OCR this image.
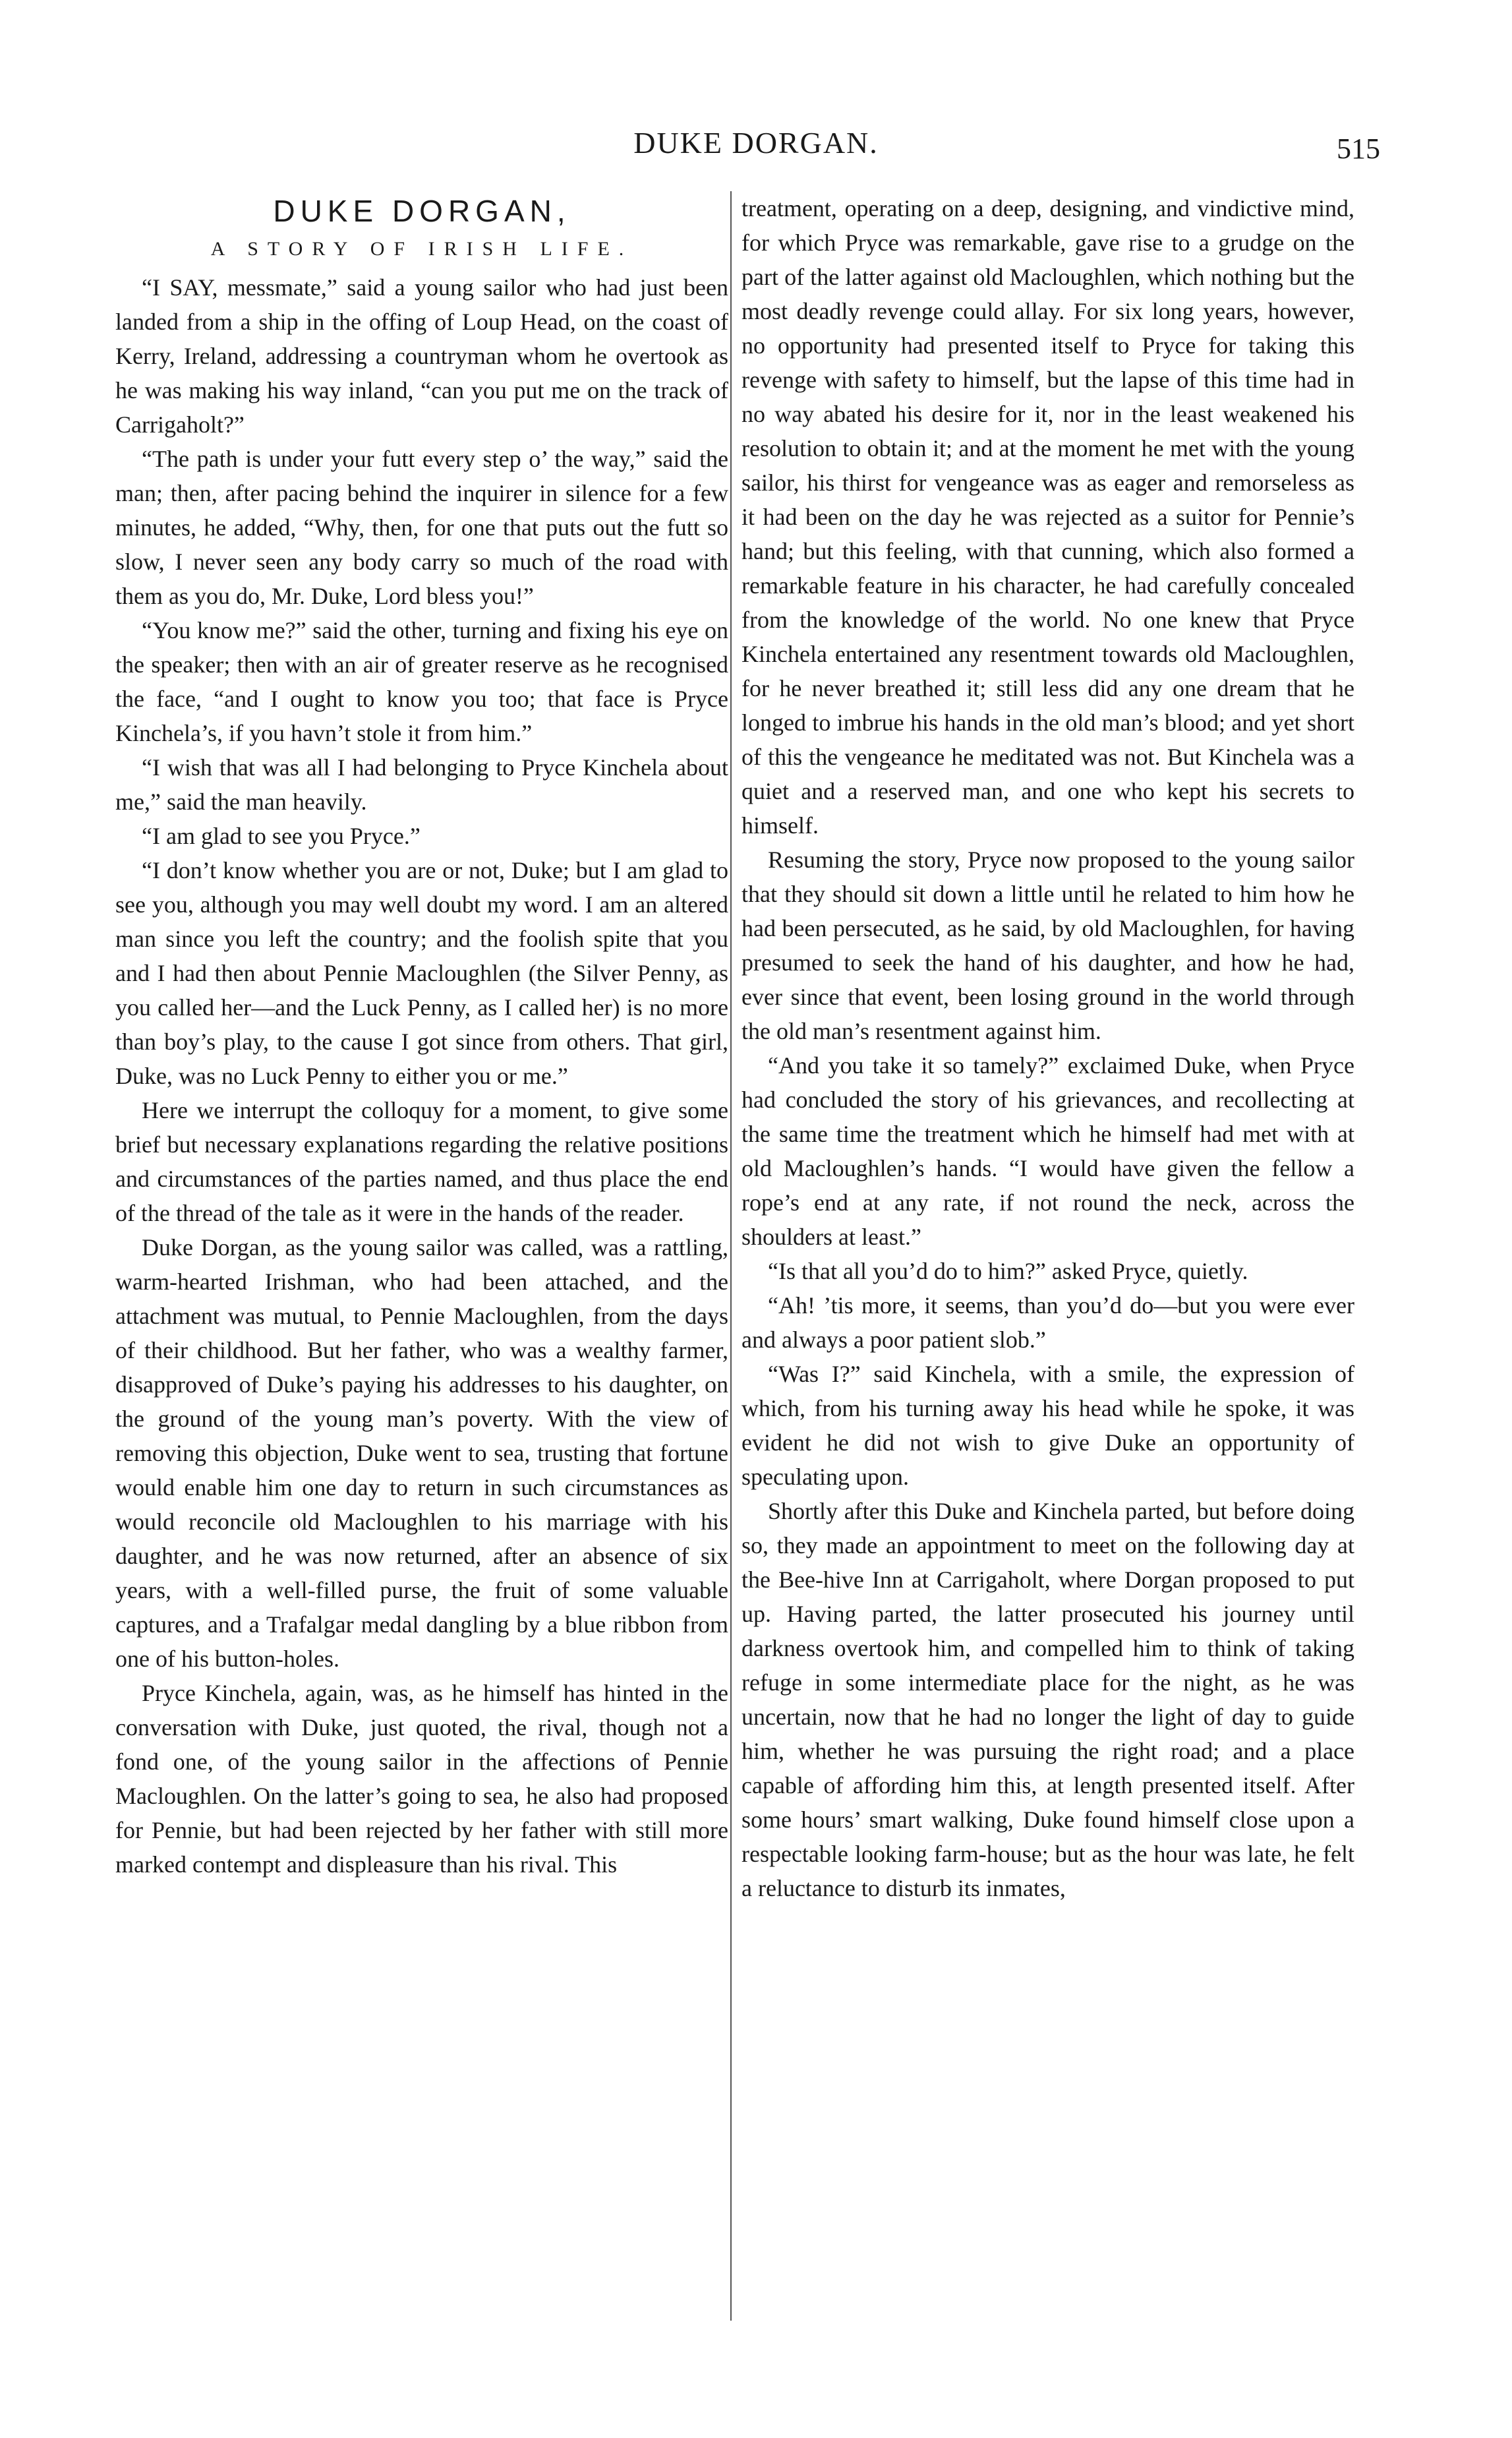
DUKE DORGAN.	515
DUKE DORGAN,
A STORY OF IRISH LIFE.

“I SAY, messmate,” said a young sailor who had just been landed from a ship in the offing of Loup Head, on the coast of Kerry, Ireland, addressing a countryman whom he overtook as he was making his way inland, “can you put me on the track of Carrigaholt?”

“The path is under your futt every step o’ the way,” said the man; then, after pacing behind the inquirer in silence for a few minutes, he added, “Why, then, for one that puts out the futt so slow, I never seen any body carry so much of the road with them as you do, Mr. Duke, Lord bless you!”

“You know me?” said the other, turning and fixing his eye on the speaker; then with an air of greater reserve as he recognised the face, “and I ought to know you too; that face is Pryce Kinchela’s, if you havn’t stole it from him.”

“I wish that was all I had belonging to Pryce Kinchela about me,” said the man heavily.

“I am glad to see you Pryce.”

“I don’t know whether you are or not, Duke; but I am glad to see you, although you may well doubt my word. I am an altered man since you left the country; and the foolish spite that you and I had then about Pennie Macloughlen (the Silver Penny, as you called her—and the Luck Penny, as I called her) is no more than boy’s play, to the cause I got since from others. That girl, Duke, was no Luck Penny to either you or me.”

Here we interrupt the colloquy for a moment, to give some brief but necessary explanations regarding the relative positions and circumstances of the parties named, and thus place the end of the thread of the tale as it were in the hands of the reader.

Duke Dorgan, as the young sailor was called, was a rattling, warm-hearted Irishman, who had been attached, and the attachment was mutual, to Pennie Macloughlen, from the days of their childhood. But her father, who was a wealthy farmer, disapproved of Duke’s paying his addresses to his daughter, on the ground of the young man’s poverty. With the view of removing this objection, Duke went to sea, trusting that fortune would enable him one day to return in such circumstances as would reconcile old Macloughlen to his marriage with his daughter, and he was now returned, after an absence of six years, with a well-filled purse, the fruit of some valuable captures, and a Trafalgar medal dangling by a blue ribbon from one of his button-holes.

Pryce Kinchela, again, was, as he himself has hinted in the conversation with Duke, just quoted, the rival, though not a fond one, of the young sailor in the affections of Pennie Macloughlen. On the latter’s going to sea, he also had proposed for Pennie, but had been rejected by her father with still more marked contempt and displeasure than his rival. This

treatment, operating on a deep, designing, and vindictive mind, for which Pryce was remarkable, gave rise to a grudge on the part of the latter against old Macloughlen, which nothing but the most deadly revenge could allay. For six long years, however, no opportunity had presented itself to Pryce for taking this revenge with safety to himself, but the lapse of this time had in no way abated his desire for it, nor in the least weakened his resolution to obtain it; and at the moment he met with the young sailor, his thirst for vengeance was as eager and remorseless as it had been on the day he was rejected as a suitor for Pennie’s hand; but this feeling, with that cunning, which also formed a remarkable feature in his character, he had carefully concealed from the knowledge of the world. No one knew that Pryce Kinchela entertained any resentment towards old Macloughlen, for he never breathed it; still less did any one dream that he longed to imbrue his hands in the old man’s blood; and yet short of this the vengeance he meditated was not. But Kinchela was a quiet and a reserved man, and one who kept his secrets to himself.

Resuming the story, Pryce now proposed to the young sailor that they should sit down a little until he related to him how he had been persecuted, as he said, by old Macloughlen, for having presumed to seek the hand of his daughter, and how he had, ever since that event, been losing ground in the world through the old man’s resentment against him.

“And you take it so tamely?” exclaimed Duke, when Pryce had concluded the story of his grievances, and recollecting at the same time the treatment which he himself had met with at old Macloughlen’s hands. “I would have given the fellow a rope’s end at any rate, if not round the neck, across the shoulders at least.”

“Is that all you’d do to him?” asked Pryce, quietly.

“Ah! ’tis more, it seems, than you’d do—but you were ever and always a poor patient slob.”

“Was I?” said Kinchela, with a smile, the expression of which, from his turning away his head while he spoke, it was evident he did not wish to give Duke an opportunity of speculating upon.

Shortly after this Duke and Kinchela parted, but before doing so, they made an appointment to meet on the following day at the Bee-hive Inn at Carrigaholt, where Dorgan proposed to put up. Having parted, the latter prosecuted his journey until darkness overtook him, and compelled him to think of taking refuge in some intermediate place for the night, as he was uncertain, now that he had no longer the light of day to guide him, whether he was pursuing the right road; and a place capable of affording him this, at length presented itself. After some hours’ smart walking, Duke found himself close upon a respectable looking farm-house; but as the hour was late, he felt a reluctance to disturb its inmates,
